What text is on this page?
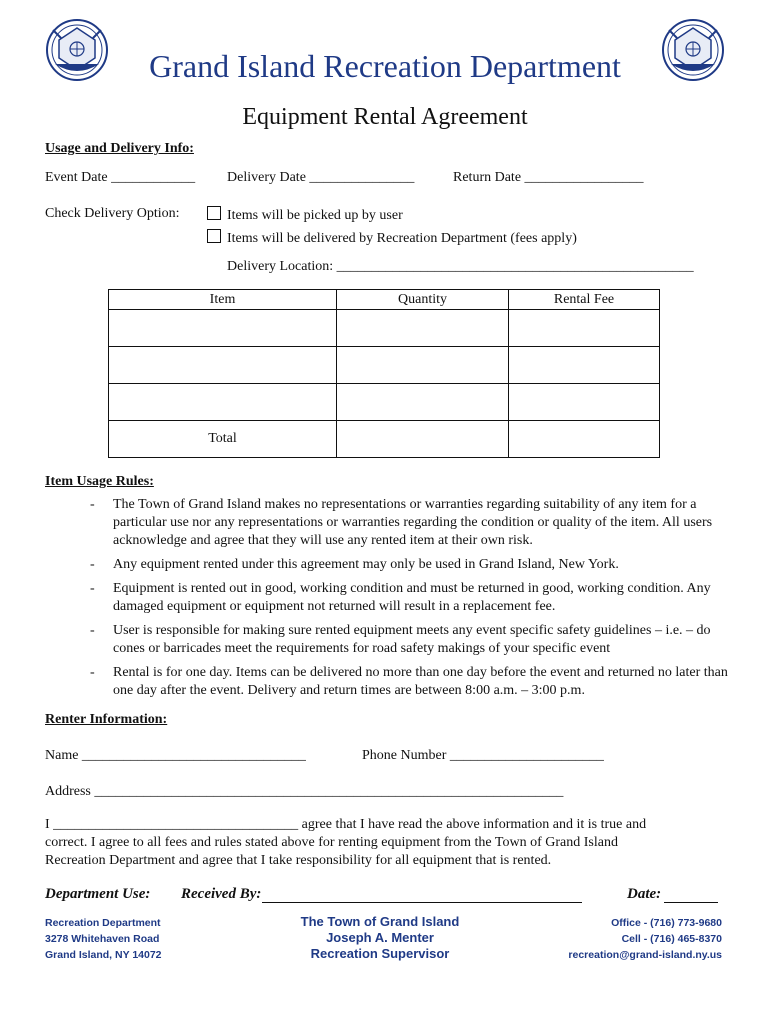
Grand Island Recreation Department
Equipment Rental Agreement
Usage and Delivery Info:
Event Date ____________ Delivery Date _______________	Return Date _________________
Check Delivery Option:	Items will be picked up by user
Items will be delivered by Recreation Department (fees apply)
Delivery Location: ___________________________________________________
Item	Quantity	Rental Fee

Total		
Item Usage Rules:
- The Town of Grand Island makes no representations or warranties regarding suitability of any item for a particular use nor any representations or warranties regarding the condition or quality of the item. All users acknowledge and agree that they will use any rented item at their own risk.
- Any equipment rented under this agreement may only be used in Grand Island, New York.
- Equipment is rented out in good, working condition and must be returned in good, working condition. Any damaged equipment or equipment not returned will result in a replacement fee.
- User is responsible for making sure rented equipment meets any event specific safety guidelines – i.e. – do cones or barricades meet the requirements for road safety makings of your specific event
- Rental is for one day. Items can be delivered no more than one day before the event and returned no later than one day after the event. Delivery and return times are between 8:00 a.m. – 3:00 p.m.
Renter Information:
Name ________________________________	Phone Number ______________________
Address ___________________________________________________________________
I ___________________________________ agree that I have read the above information and it is true and
correct. I agree to all fees and rules stated above for renting equipment from the Town of Grand Island
Recreation Department and agree that I take responsibility for all equipment that is rented.
Department Use: Received By:	Date:
Recreation Department
3278 Whitehaven Road
Grand Island, NY 14072
The Town of Grand Island
Joseph A. Menter
Recreation Supervisor
Office - (716) 773-9680
Cell - (716) 465-8370
recreation@grand-island.ny.us
